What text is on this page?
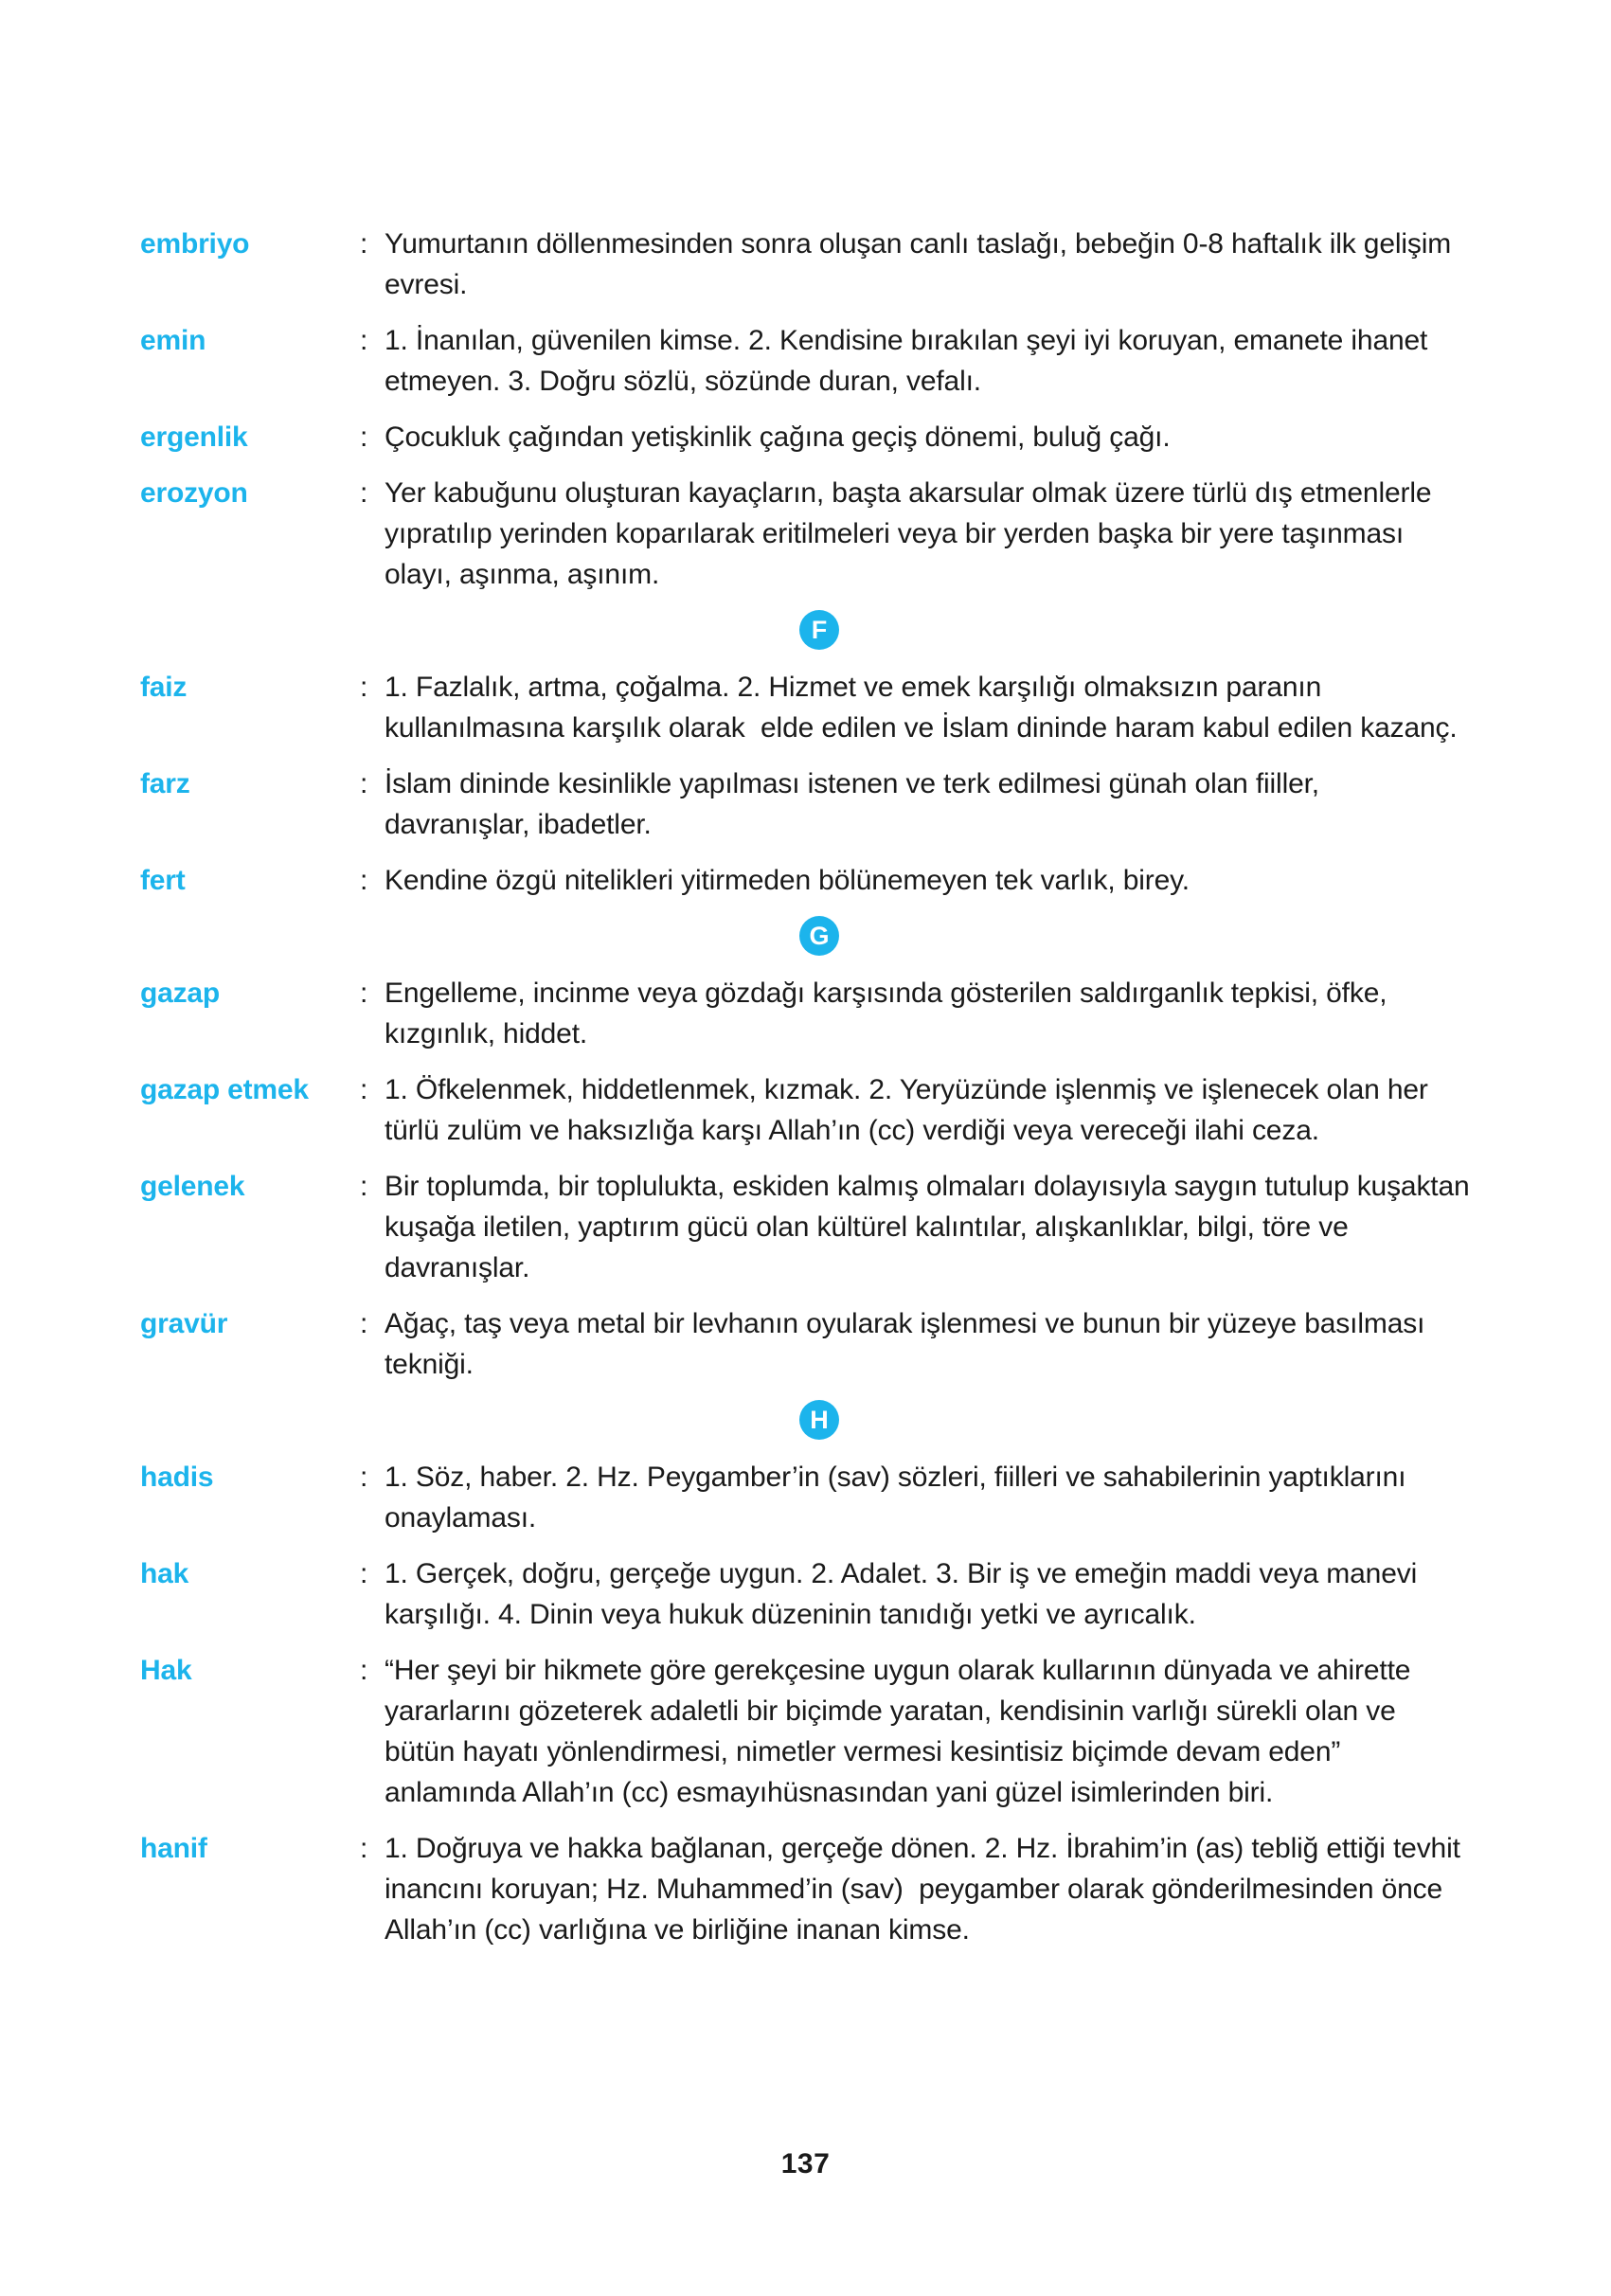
embriyo	: Yumurtanın döllenmesinden sonra oluşan canlı taslağı, bebeğin 0-8 haftalık ilk gelişim evresi.
emin	: 1. İnanılan, güvenilen kimse. 2. Kendisine bırakılan şeyi iyi koruyan, emanete ihanet etmeyen. 3. Doğru sözlü, sözünde duran, vefalı.
ergenlik	: Çocukluk çağından yetişkinlik çağına geçiş dönemi, buluğ çağı.
erozyon	: Yer kabuğunu oluşturan kayaçların, başta akarsular olmak üzere türlü dış etmenlerle yıpratılıp yerinden koparılarak eritilmeleri veya bir yerden başka bir yere taşınması olayı, aşınma, aşınım.
F
faiz	: 1. Fazlalık, artma, çoğalma. 2. Hizmet ve emek karşılığı olmaksızın paranın kullanılmasına karşılık olarak  elde edilen ve İslam dininde haram kabul edilen kazanç.
farz	: İslam dininde kesinlikle yapılması istenen ve terk edilmesi günah olan fiiller, davranışlar, ibadetler.
fert	: Kendine özgü nitelikleri yitirmeden bölünemeyen tek varlık, birey.
G
gazap	: Engelleme, incinme veya gözdağı karşısında gösterilen saldırganlık tepkisi, öfke, kızgınlık, hiddet.
gazap etmek	: 1. Öfkelenmek, hiddetlenmek, kızmak. 2. Yeryüzünde işlenmiş ve işlenecek olan her türlü zulüm ve haksızlığa karşı Allah’ın (cc) verdiği veya vereceği ilahi ceza.
gelenek	: Bir toplumda, bir toplulukta, eskiden kalmış olmaları dolayısıyla saygın tutulup kuşaktan kuşağa iletilen, yaptırım gücü olan kültürel kalıntılar, alışkanlıklar, bilgi, töre ve davranışlar.
gravür	: Ağaç, taş veya metal bir levhanın oyularak işlenmesi ve bunun bir yüzeye basılması tekniği.
H
hadis	: 1. Söz, haber. 2. Hz. Peygamber’in (sav) sözleri, fiilleri ve sahabilerinin yaptıklarını onaylaması.
hak	: 1. Gerçek, doğru, gerçeğe uygun. 2. Adalet. 3. Bir iş ve emeğin maddi veya manevi karşılığı. 4. Dinin veya hukuk düzeninin tanıdığı yetki ve ayrıcalık.
Hak	: “Her şeyi bir hikmete göre gerekçesine uygun olarak kullarının dünyada ve ahirette yararlarını gözeterek adaletli bir biçimde yaratan, kendisinin varlığı sürekli olan ve bütün hayatı yönlendirmesi, nimetler vermesi kesintisiz biçimde devam eden” anlamında Allah’ın (cc) esmayıhüsnasından yani güzel isimlerinden biri.
hanif	: 1. Doğruya ve hakka bağlanan, gerçeğe dönen. 2. Hz. İbrahim’in (as) tebliğ ettiği tevhit inancını koruyan; Hz. Muhammed’in (sav)  peygamber olarak gönderilmesinden önce Allah’ın (cc) varlığına ve birliğine inanan kimse.
137
